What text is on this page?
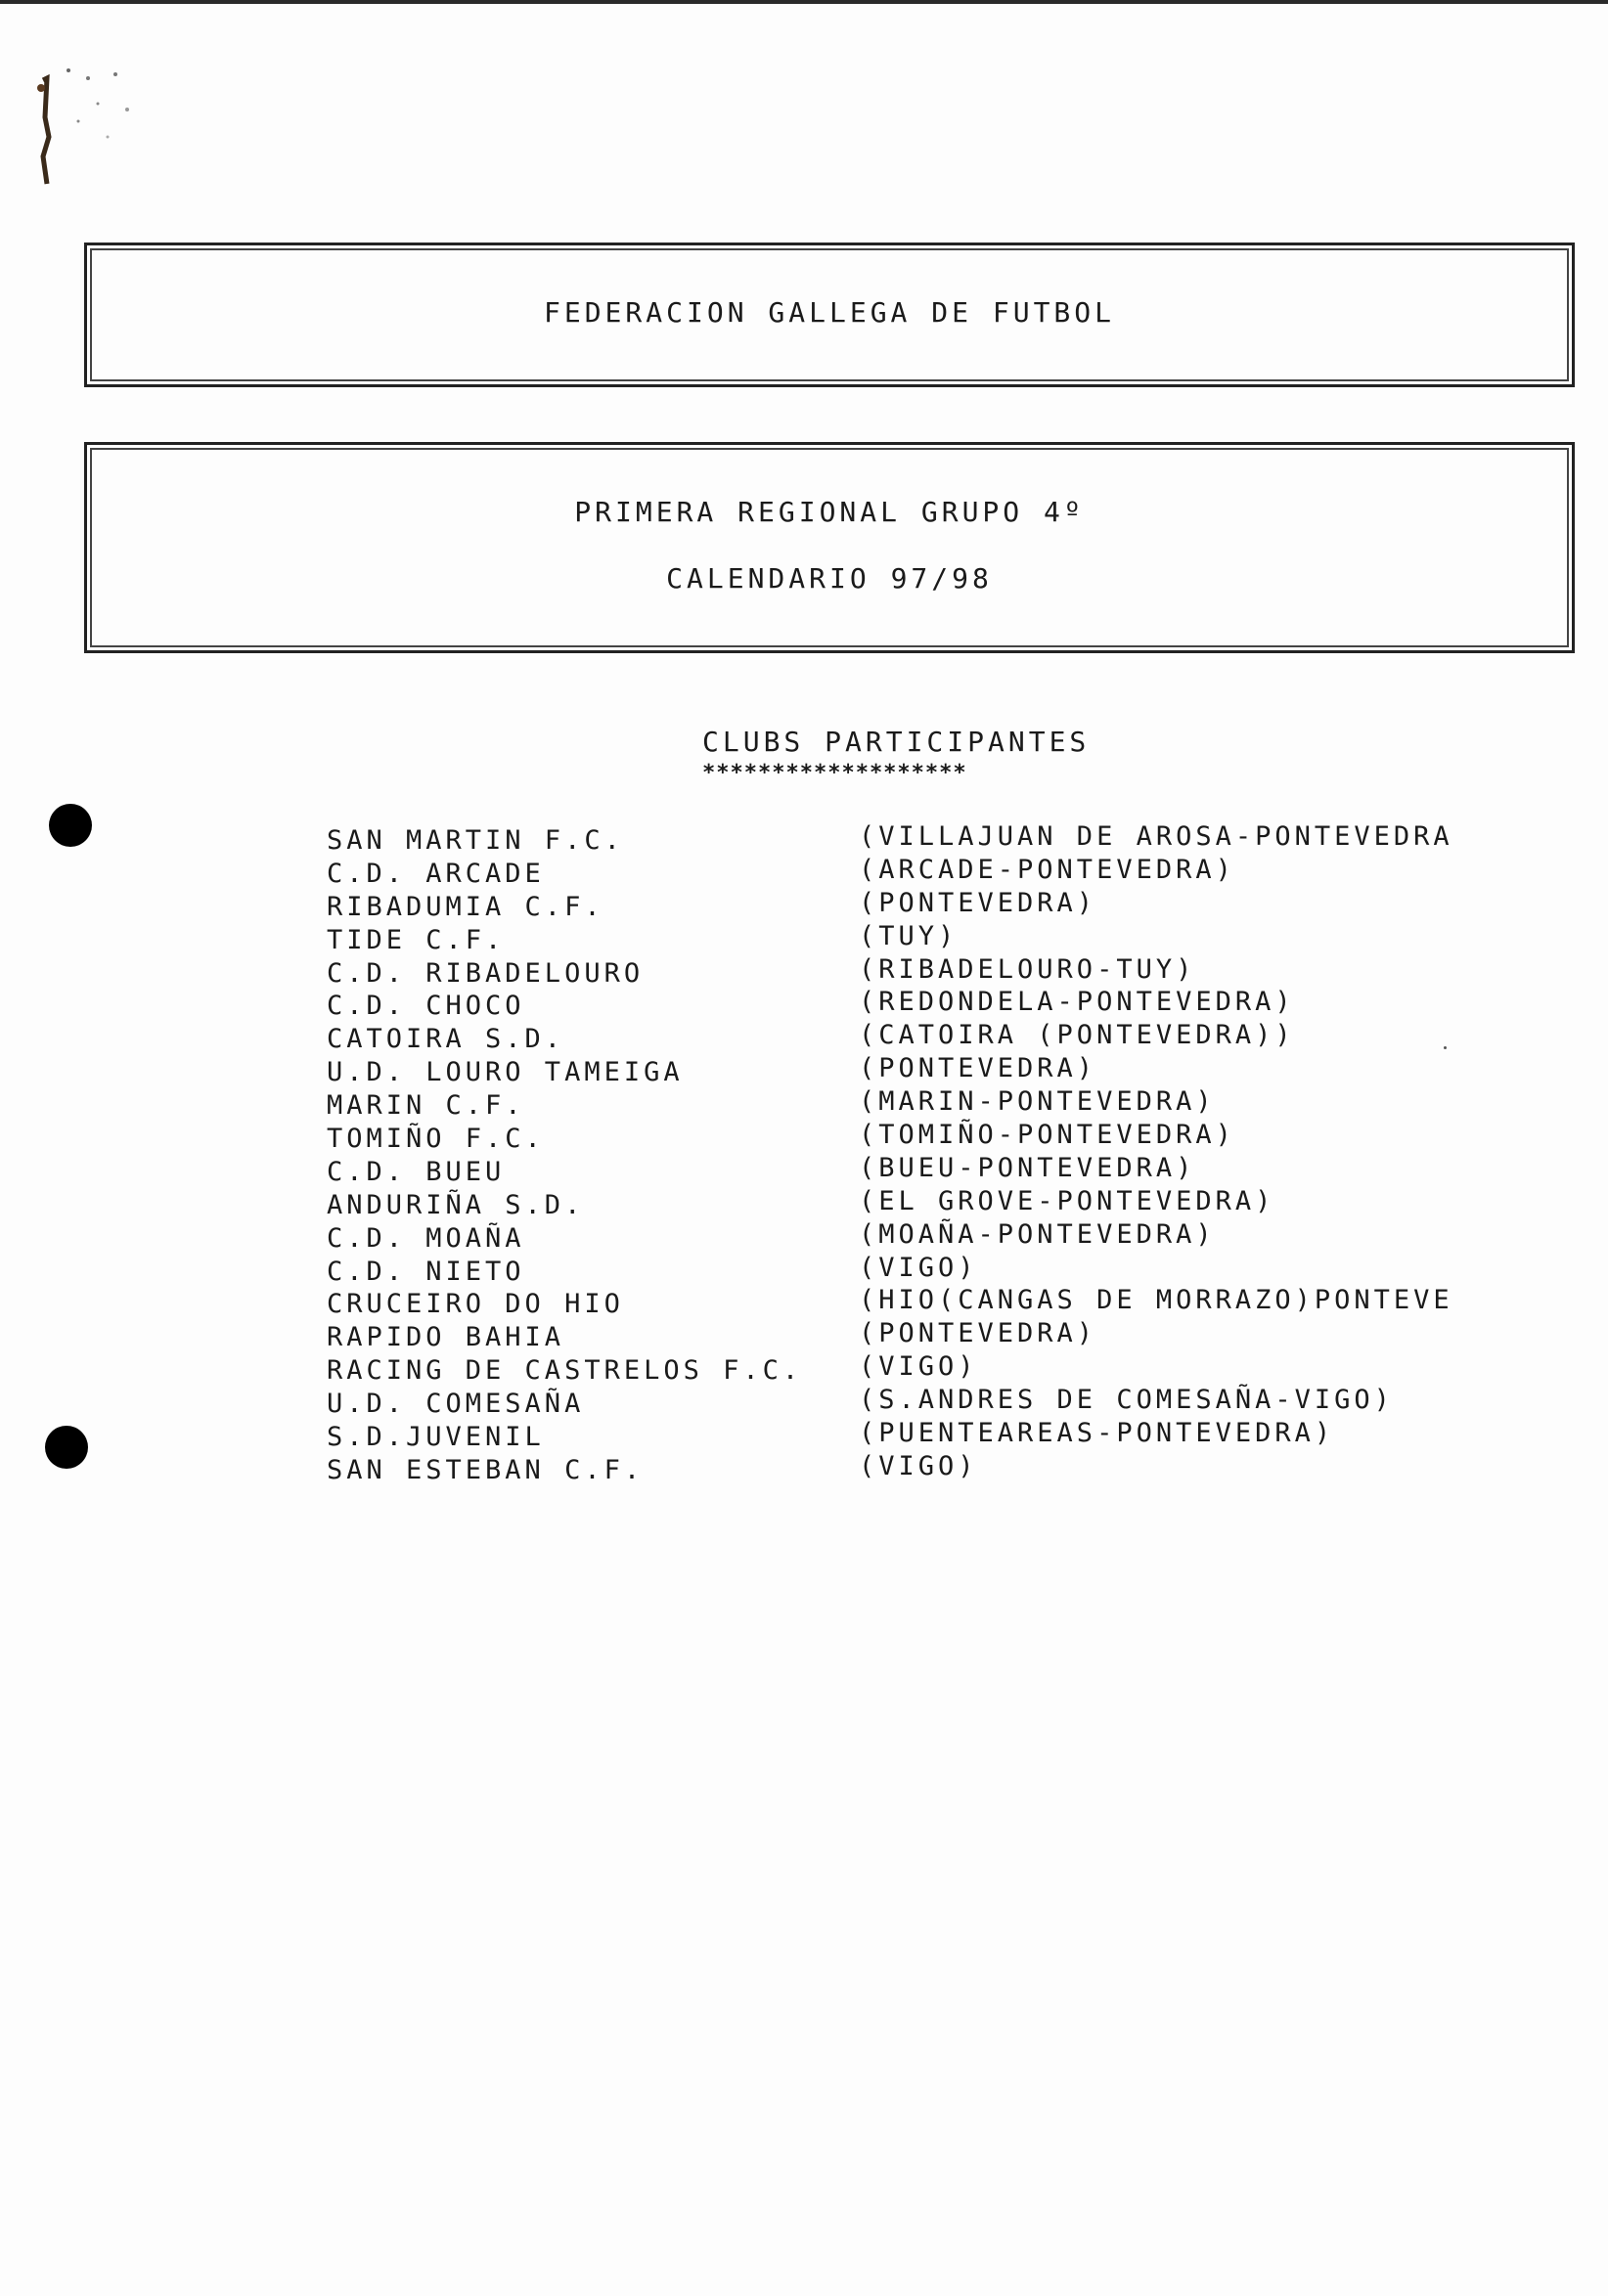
FEDERACION GALLEGA DE FUTBOL
PRIMERA REGIONAL GRUPO 4º
CALENDARIO 97/98
CLUBS PARTICIPANTES
*******************
SAN MARTIN F.C.	(VILLAJUAN DE AROSA-PONTEVEDRA
C.D. ARCADE	(ARCADE-PONTEVEDRA)
RIBADUMIA C.F.	(PONTEVEDRA)
TIDE C.F.	(TUY)
C.D. RIBADELOURO	(RIBADELOURO-TUY)
C.D. CHOCO	(REDONDELA-PONTEVEDRA)
CATOIRA S.D.	(CATOIRA (PONTEVEDRA))
U.D. LOURO TAMEIGA	(PONTEVEDRA)
MARIN C.F.	(MARIN-PONTEVEDRA)
TOMIÑO F.C.	(TOMIÑO-PONTEVEDRA)
C.D. BUEU	(BUEU-PONTEVEDRA)
ANDURIÑA S.D.	(EL GROVE-PONTEVEDRA)
C.D. MOAÑA	(MOAÑA-PONTEVEDRA)
C.D. NIETO	(VIGO)
CRUCEIRO DO HIO	(HIO(CANGAS DE MORRAZO)PONTEVE
RAPIDO BAHIA	(PONTEVEDRA)
RACING DE CASTRELOS F.C. (VIGO)
U.D. COMESAÑA	(S.ANDRES DE COMESAÑA-VIGO)
S.D.JUVENIL	(PUENTEAREAS-PONTEVEDRA)
SAN ESTEBAN C.F.	(VIGO)
